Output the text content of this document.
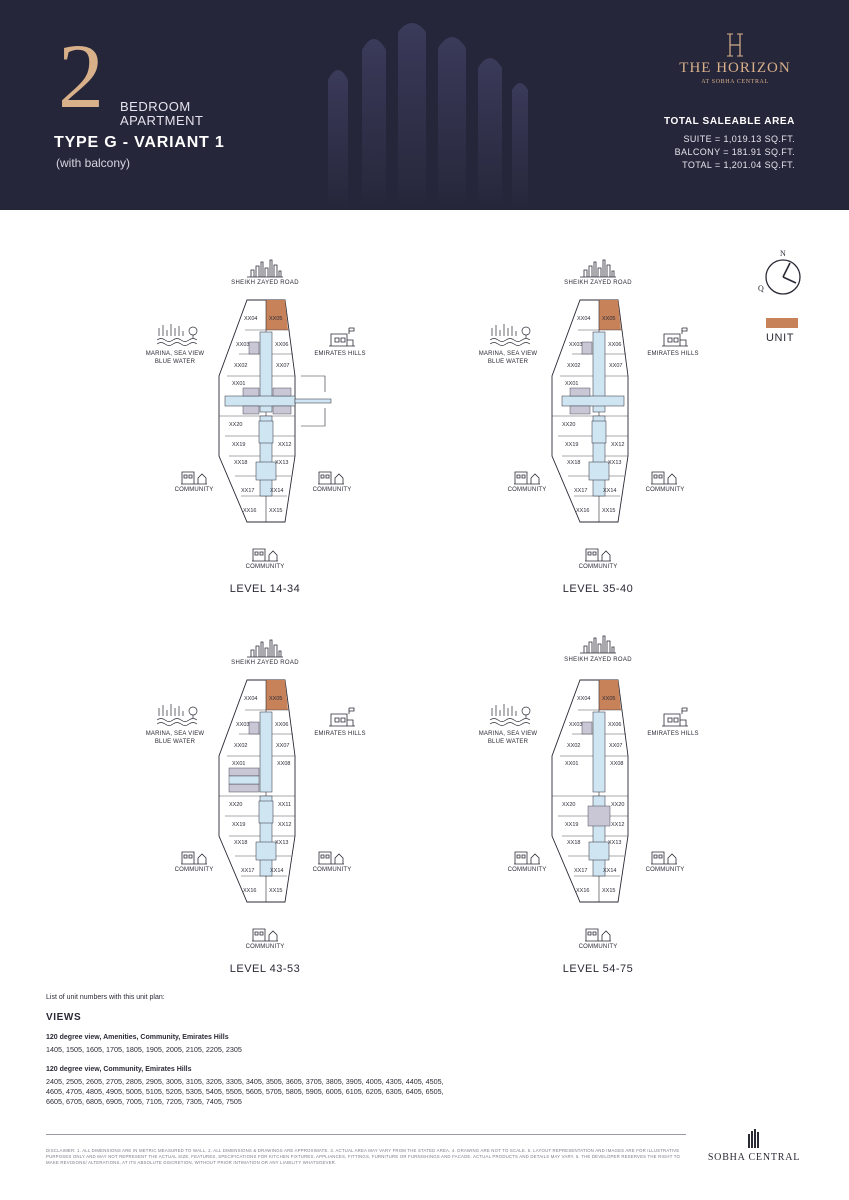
2 BEDROOM
APARTMENT
TYPE G - VARIANT 1
(with balcony)
THE HORIZON
AT SOBHA CENTRAL
TOTAL SALEABLE AREA
SUITE = 1,019.13 SQ.FT.
BALCONY = 181.91 SQ.FT.
TOTAL = 1,201.04 SQ.FT.
N
Q
UNIT
SHEIKH ZAYED ROAD
MARINA, SEA VIEW
BLUE WATER
EMIRATES HILLS
COMMUNITY	COMMUNITY
COMMUNITY
XX04 XX05
XX03	XX06
XX02	XX07
XX01
XX20
XX19	XX12
XX18	XX13
XX17	XX14
XX16 XX15
LEVEL 14-34
SHEIKH ZAYED ROAD
MARINA, SEA VIEW
BLUE WATER
EMIRATES HILLS
COMMUNITY	COMMUNITY
COMMUNITY
XX04 XX05
XX03	XX06
XX02	XX07
XX01
XX20
XX19	XX12
XX18	XX13
XX17	XX14
XX16 XX15
LEVEL 35-40
SHEIKH ZAYED ROAD
MARINA, SEA VIEW
BLUE WATER
EMIRATES HILLS
COMMUNITY	COMMUNITY
COMMUNITY
XX04 XX05
XX03	XX06
XX02	XX07
XX01	XX08
XX20	XX11
XX19	XX12
XX18	XX13
XX17	XX14
XX16 XX15
LEVEL 43-53
SHEIKH ZAYED ROAD
MARINA, SEA VIEW
BLUE WATER
EMIRATES HILLS
COMMUNITY	COMMUNITY
COMMUNITY
XX04 XX05
XX03	XX06
XX02	XX07
XX01	XX08
XX20	XX20
XX19	XX12
XX18	XX13
XX17	XX14
XX16 XX15
LEVEL 54-75
List of unit numbers with this unit plan:
VIEWS
120 degree view, Amenities, Community, Emirates Hills
1405, 1505, 1605, 1705, 1805, 1905, 2005, 2105, 2205, 2305
120 degree view, Community, Emirates Hills
2405, 2505, 2605, 2705, 2805, 2905, 3005, 3105, 3205, 3305, 3405, 3505, 3605, 3705, 3805, 3905, 4005, 4305, 4405, 4505,
4605, 4705, 4805, 4905, 5005, 5105, 5205, 5305, 5405, 5505, 5605, 5705, 5805, 5905, 6005, 6105, 6205, 6305, 6405, 6505,
6605, 6705, 6805, 6905, 7005, 7105, 7205, 7305, 7405, 7505
DISCLAIMER: 1. ALL DIMENSIONS ARE IN METRIC MEASURED TO WALL. 2. ALL DIMENSIONS & DRAWINGS ARE APPROXIMATE. 3. ACTUAL AREA MAY VARY FROM THE STATED AREA. 4. DRAWING ARE NOT TO SCALE. 5. LAYOUT REPRESENTATION AND IMAGES ARE FOR ILLUSTRATIVE PURPOSES ONLY AND MAY NOT REPRESENT THE ACTUAL SIZE, FEATURES, SPECIFICATIONS FOR KITCHEN FIXTURES, APPLIANCES, FITTINGS, FURNITURE OR FURNISHINGS AND FACADE. ACTUAL PRODUCTS AND DETAILS MAY VARY. 6. THE DEVELOPER RESERVES THE RIGHT TO MAKE REVISIONS/ ALTERATIONS, AT ITS ABSOLUTE DISCRETION, WITHOUT PRIOR INTIMATION OR ANY LIABILITY WHATSOEVER.	SOBHA CENTRAL
